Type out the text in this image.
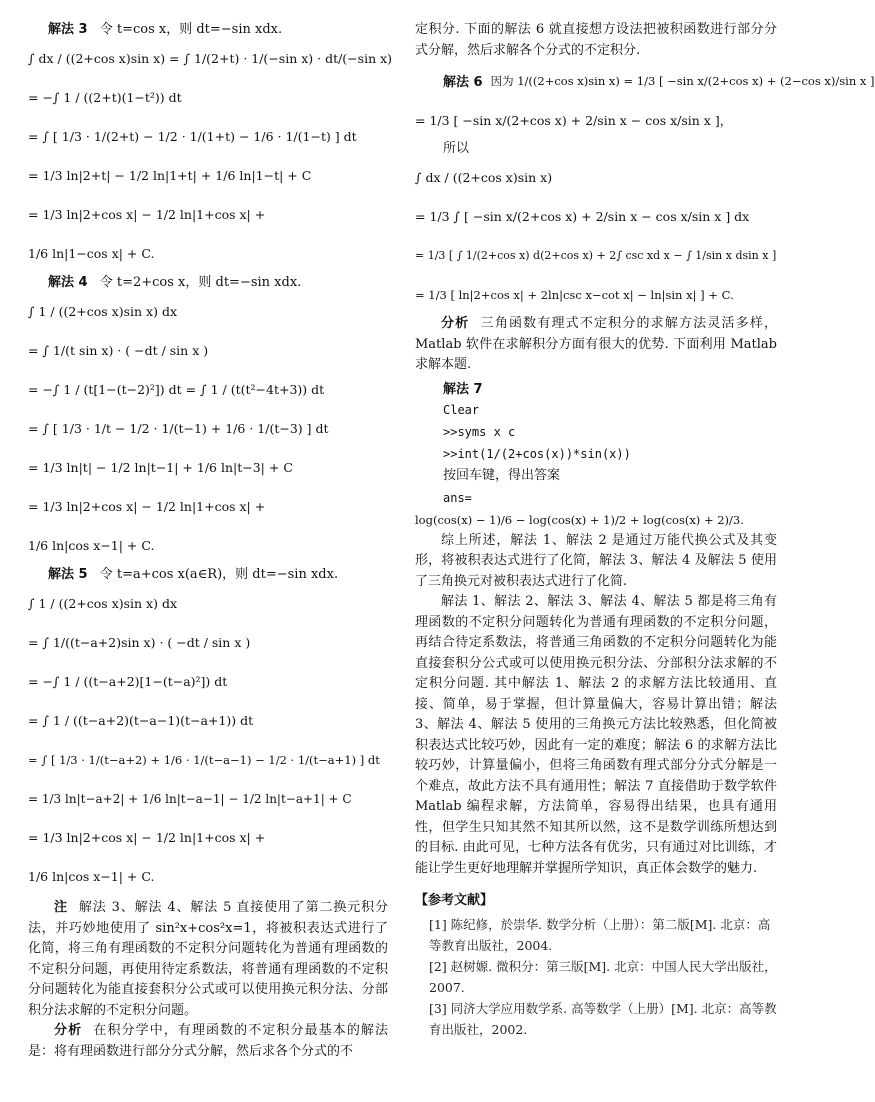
解法 3 令 t=cos x，则 dt=−sin xdx.
∫ dx / ((2+cos x)sin x) = ∫ 1/(2+t) · 1/(−sin x) · dt/(−sin x)
= −∫ 1 / ((2+t)(1−t²)) dt
= ∫ [ 1/3 · 1/(2+t) − 1/2 · 1/(1+t) − 1/6 · 1/(1−t) ] dt
= 1/3 ln|2+t| − 1/2 ln|1+t| + 1/6 ln|1−t| + C
= 1/3 ln|2+cos x| − 1/2 ln|1+cos x| +
1/6 ln|1−cos x| + C.
解法 4 令 t=2+cos x，则 dt=−sin xdx.
∫ 1 / ((2+cos x)sin x) dx
= ∫ 1/(t sin x) · ( −dt / sin x )
= −∫ 1 / (t[1−(t−2)²]) dt = ∫ 1 / (t(t²−4t+3)) dt
= ∫ [ 1/3 · 1/t − 1/2 · 1/(t−1) + 1/6 · 1/(t−3) ] dt
= 1/3 ln|t| − 1/2 ln|t−1| + 1/6 ln|t−3| + C
= 1/3 ln|2+cos x| − 1/2 ln|1+cos x| +
1/6 ln|cos x−1| + C.
解法 5 令 t=a+cos x(a∈R)，则 dt=−sin xdx.
∫ 1 / ((2+cos x)sin x) dx
= ∫ 1/((t−a+2)sin x) · ( −dt / sin x )
= −∫ 1 / ((t−a+2)[1−(t−a)²]) dt
= ∫ 1 / ((t−a+2)(t−a−1)(t−a+1)) dt
= ∫ [ 1/3 · 1/(t−a+2) + 1/6 · 1/(t−a−1) − 1/2 · 1/(t−a+1) ] dt
= 1/3 ln|t−a+2| + 1/6 ln|t−a−1| − 1/2 ln|t−a+1| + C
= 1/3 ln|2+cos x| − 1/2 ln|1+cos x| +
1/6 ln|cos x−1| + C.
注 解法 3、解法 4、解法 5 直接使用了第二换元积分法，并巧妙地使用了 sin²x+cos²x=1，将被积表达式进行了化简，将三角有理函数的不定积分问题转化为普通有理函数的不定积分问题，再使用待定系数法，将普通有理函数的不定积分问题转化为能直接套积分公式或可以使用换元积分法、分部积分法求解的不定积分问题。
分析 在积分学中，有理函数的不定积分最基本的解法是：将有理函数进行部分分式分解，然后求各个分式的不
定积分. 下面的解法 6 就直接想方设法把被积函数进行部分分式分解，然后求解各个分式的不定积分.
解法 6 因为 1/((2+cos x)sin x) = 1/3 [ −sin x/(2+cos x) + (2−cos x)/sin x ]
= 1/3 [ −sin x/(2+cos x) + 2/sin x − cos x/sin x ]，
所以
∫ dx / ((2+cos x)sin x)
= 1/3 ∫ [ −sin x/(2+cos x) + 2/sin x − cos x/sin x ] dx
= 1/3 [ ∫ 1/(2+cos x) d(2+cos x) + 2∫ csc xd x − ∫ 1/sin x dsin x ]
= 1/3 [ ln|2+cos x| + 2ln|csc x−cot x| − ln|sin x| ] + C.
分析 三角函数有理式不定积分的求解方法灵活多样，Matlab 软件在求解积分方面有很大的优势. 下面利用 Matlab 求解本题.
解法 7
Clear
>>syms x c
>>int(1/(2+cos(x))*sin(x))
按回车键，得出答案
ans=
log(cos(x) − 1)/6 − log(cos(x) + 1)/2 + log(cos(x) + 2)/3.
综上所述，解法 1、解法 2 是通过万能代换公式及其变形，将被积表达式进行了化简，解法 3、解法 4 及解法 5 使用了三角换元对被积表达式进行了化简.
解法 1、解法 2、解法 3、解法 4、解法 5 都是将三角有理函数的不定积分问题转化为普通有理函数的不定积分问题，再结合待定系数法，将普通三角函数的不定积分问题转化为能直接套积分公式或可以使用换元积分法、分部积分法求解的不定积分问题. 其中解法 1、解法 2 的求解方法比较通用、直接、简单，易于掌握，但计算量偏大，容易计算出错；解法 3、解法 4、解法 5 使用的三角换元方法比较熟悉，但化简被积表达式比较巧妙，因此有一定的难度；解法 6 的求解方法比较巧妙，计算量偏小，但将三角函数有理式部分分式分解是一个难点，故此方法不具有通用性；解法 7 直接借助于数学软件 Matlab 编程求解，方法简单，容易得出结果，也具有通用性，但学生只知其然不知其所以然，这不是数学训练所想达到的目标. 由此可见，七种方法各有优劣，只有通过对比训练，才能让学生更好地理解并掌握所学知识，真正体会数学的魅力.
【参考文献】
[1] 陈纪修，於崇华. 数学分析（上册）：第二版[M]. 北京：高等教育出版社，2004.
[2] 赵树嫄. 微积分：第三版[M]. 北京：中国人民大学出版社，2007.
[3] 同济大学应用数学系. 高等数学（上册）[M]. 北京：高等教育出版社，2002.
